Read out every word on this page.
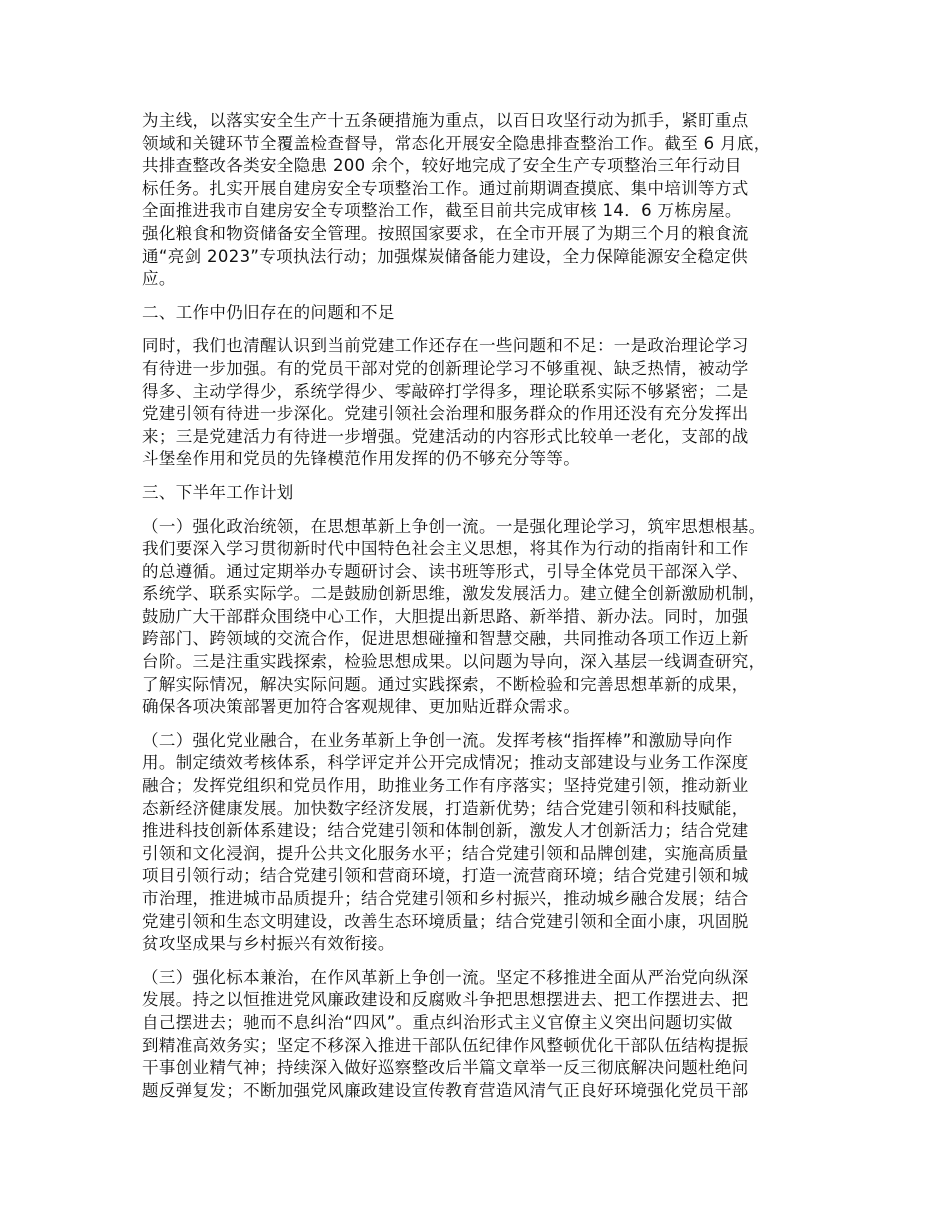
为主线，以落实安全生产十五条硬措施为重点，以百日攻坚行动为抓手，紧盯重点
领域和关键环节全覆盖检查督导，常态化开展安全隐患排查整治工作。截至 6 月底，
共排查整改各类安全隐患 200 余个，较好地完成了安全生产专项整治三年行动目
标任务。扎实开展自建房安全专项整治工作。通过前期调查摸底、集中培训等方式
全面推进我市自建房安全专项整治工作，截至目前共完成审核 14．6 万栋房屋。
强化粮食和物资储备安全管理。按照国家要求，在全市开展了为期三个月的粮食流
通“亮剑 2023”专项执法行动；加强煤炭储备能力建设，全力保障能源安全稳定供
应。
二、工作中仍旧存在的问题和不足
同时，我们也清醒认识到当前党建工作还存在一些问题和不足：一是政治理论学习
有待进一步加强。有的党员干部对党的创新理论学习不够重视、缺乏热情，被动学
得多、主动学得少，系统学得少、零敲碎打学得多，理论联系实际不够紧密；二是
党建引领有待进一步深化。党建引领社会治理和服务群众的作用还没有充分发挥出
来；三是党建活力有待进一步增强。党建活动的内容形式比较单一老化，支部的战
斗堡垒作用和党员的先锋模范作用发挥的仍不够充分等等。
三、下半年工作计划
（一）强化政治统领，在思想革新上争创一流。一是强化理论学习，筑牢思想根基。
我们要深入学习贯彻新时代中国特色社会主义思想，将其作为行动的指南针和工作
的总遵循。通过定期举办专题研讨会、读书班等形式，引导全体党员干部深入学、
系统学、联系实际学。二是鼓励创新思维，激发发展活力。建立健全创新激励机制，
鼓励广大干部群众围绕中心工作，大胆提出新思路、新举措、新办法。同时，加强
跨部门、跨领域的交流合作，促进思想碰撞和智慧交融，共同推动各项工作迈上新
台阶。三是注重实践探索，检验思想成果。以问题为导向，深入基层一线调查研究，
了解实际情况，解决实际问题。通过实践探索，不断检验和完善思想革新的成果，
确保各项决策部署更加符合客观规律、更加贴近群众需求。
（二）强化党业融合，在业务革新上争创一流。发挥考核“指挥棒”和激励导向作
用。制定绩效考核体系，科学评定并公开完成情况；推动支部建设与业务工作深度
融合；发挥党组织和党员作用，助推业务工作有序落实；坚持党建引领，推动新业
态新经济健康发展。加快数字经济发展，打造新优势；结合党建引领和科技赋能，
推进科技创新体系建设；结合党建引领和体制创新，激发人才创新活力；结合党建
引领和文化浸润，提升公共文化服务水平；结合党建引领和品牌创建，实施高质量
项目引领行动；结合党建引领和营商环境，打造一流营商环境；结合党建引领和城
市治理，推进城市品质提升；结合党建引领和乡村振兴，推动城乡融合发展；结合
党建引领和生态文明建设，改善生态环境质量；结合党建引领和全面小康，巩固脱
贫攻坚成果与乡村振兴有效衔接。
（三）强化标本兼治，在作风革新上争创一流。坚定不移推进全面从严治党向纵深
发展。持之以恒推进党风廉政建设和反腐败斗争把思想摆进去、把工作摆进去、把
自己摆进去；驰而不息纠治“四风”。重点纠治形式主义官僚主义突出问题切实做
到精准高效务实；坚定不移深入推进干部队伍纪律作风整顿优化干部队伍结构提振
干事创业精气神；持续深入做好巡察整改后半篇文章举一反三彻底解决问题杜绝问
题反弹复发；不断加强党风廉政建设宣传教育营造风清气正良好环境强化党员干部
